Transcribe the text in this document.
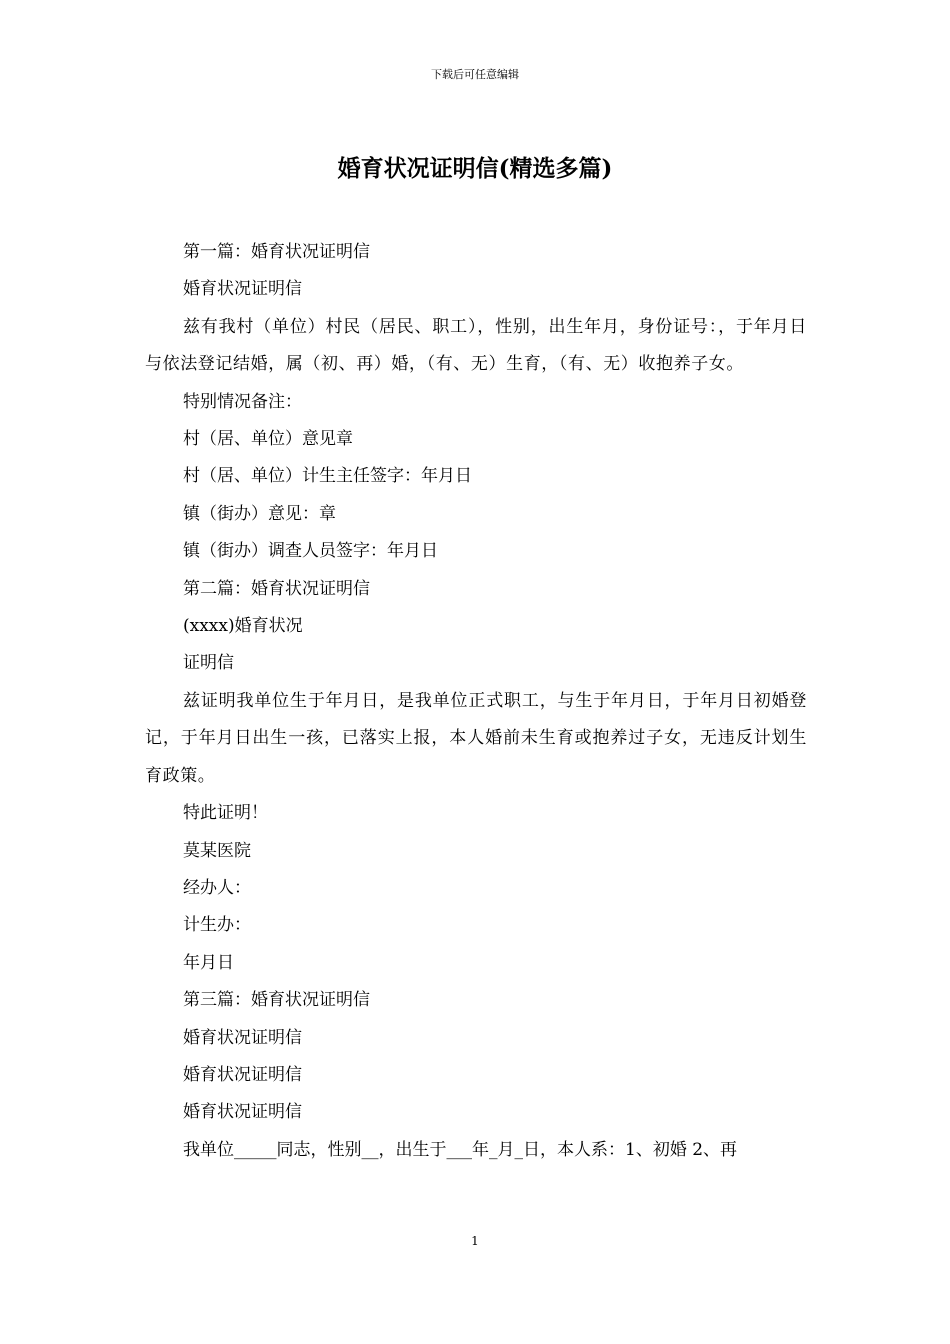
下载后可任意编辑
婚育状况证明信(精选多篇)

第一篇：婚育状况证明信

婚育状况证明信

兹有我村（单位）村民（居民、职工），性别，出生年月，身份证号：，于年月日与依法登记结婚，属（初、再）婚，（有、无）生育，（有、无）收抱养子女。

特别情况备注：

村（居、单位）意见章

村（居、单位）计生主任签字：年月日

镇（街办）意见：章

镇（街办）调查人员签字：年月日

第二篇：婚育状况证明信

(xxxx)婚育状况

证明信

兹证明我单位生于年月日，是我单位正式职工，与生于年月日，于年月日初婚登记，于年月日出生一孩，已落实上报，本人婚前未生育或抱养过子女，无违反计划生育政策。

特此证明！

莫某医院

经办人：

计生办：

年月日

第三篇：婚育状况证明信

婚育状况证明信

婚育状况证明信

婚育状况证明信

我单位_____同志，性别__，出生于___年_月_日，本人系：1、初婚 2、再

1
